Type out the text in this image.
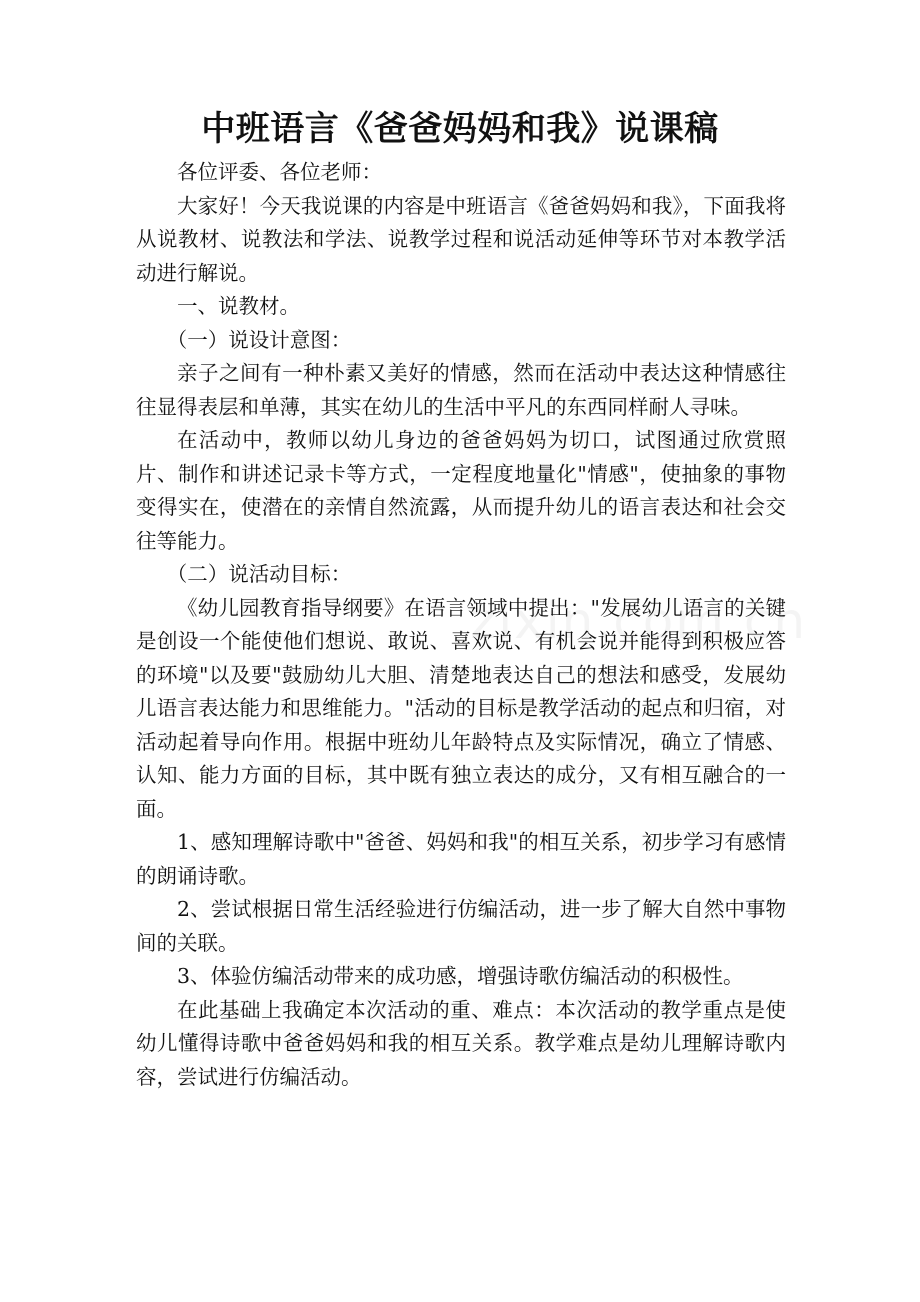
中班语言《爸爸妈妈和我》说课稿

各位评委、各位老师：

大家好！今天我说课的内容是中班语言《爸爸妈妈和我》，下面我将从说教材、说教法和学法、说教学过程和说活动延伸等环节对本教学活动进行解说。

一、说教材。

（一）说设计意图：

亲子之间有一种朴素又美好的情感，然而在活动中表达这种情感往往显得表层和单薄，其实在幼儿的生活中平凡的东西同样耐人寻味。

在活动中，教师以幼儿身边的爸爸妈妈为切口，试图通过欣赏照片、制作和讲述记录卡等方式，一定程度地量化"情感"，使抽象的事物变得实在，使潜在的亲情自然流露，从而提升幼儿的语言表达和社会交往等能力。

（二）说活动目标：

《幼儿园教育指导纲要》在语言领域中提出："发展幼儿语言的关键是创设一个能使他们想说、敢说、喜欢说、有机会说并能得到积极应答的环境"以及要"鼓励幼儿大胆、清楚地表达自己的想法和感受，发展幼儿语言表达能力和思维能力。"活动的目标是教学活动的起点和归宿，对活动起着导向作用。根据中班幼儿年龄特点及实际情况，确立了情感、认知、能力方面的目标，其中既有独立表达的成分，又有相互融合的一面。

1、感知理解诗歌中"爸爸、妈妈和我"的相互关系，初步学习有感情的朗诵诗歌。

2、尝试根据日常生活经验进行仿编活动，进一步了解大自然中事物间的关联。

3、体验仿编活动带来的成功感，增强诗歌仿编活动的积极性。

在此基础上我确定本次活动的重、难点：本次活动的教学重点是使幼儿懂得诗歌中爸爸妈妈和我的相互关系。教学难点是幼儿理解诗歌内容，尝试进行仿编活动。
